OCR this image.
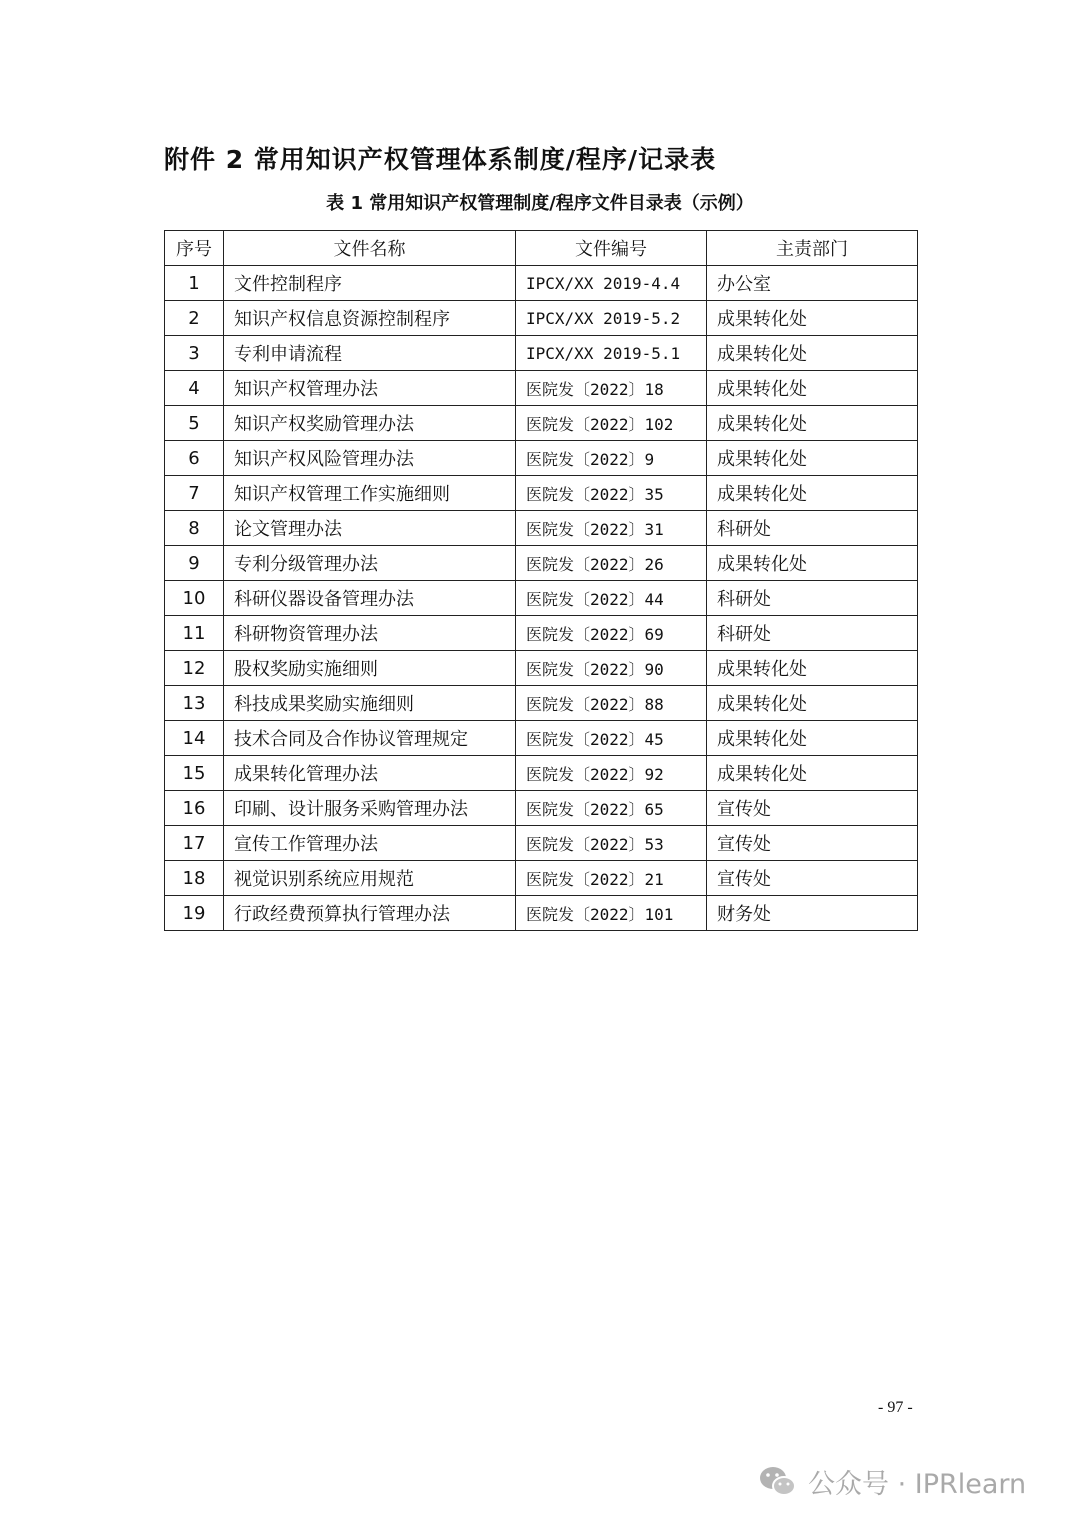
附件 2 常用知识产权管理体系制度/程序/记录表
表 1 常用知识产权管理制度/程序文件目录表（示例）
序号	文件名称	文件编号	主责部门
1	文件控制程序	IPCX/XX 2019-4.4	办公室
2	知识产权信息资源控制程序	IPCX/XX 2019-5.2	成果转化处
3	专利申请流程	IPCX/XX 2019-5.1	成果转化处
4	知识产权管理办法	医院发〔2022〕18	成果转化处
5	知识产权奖励管理办法	医院发〔2022〕102	成果转化处
6	知识产权风险管理办法	医院发〔2022〕9	成果转化处
7	知识产权管理工作实施细则	医院发〔2022〕35	成果转化处
8	论文管理办法	医院发〔2022〕31	科研处
9	专利分级管理办法	医院发〔2022〕26	成果转化处
10	科研仪器设备管理办法	医院发〔2022〕44	科研处
11	科研物资管理办法	医院发〔2022〕69	科研处
12	股权奖励实施细则	医院发〔2022〕90	成果转化处
13	科技成果奖励实施细则	医院发〔2022〕88	成果转化处
14	技术合同及合作协议管理规定	医院发〔2022〕45	成果转化处
15	成果转化管理办法	医院发〔2022〕92	成果转化处
16	印刷、设计服务采购管理办法	医院发〔2022〕65	宣传处
17	宣传工作管理办法	医院发〔2022〕53	宣传处
18	视觉识别系统应用规范	医院发〔2022〕21	宣传处
19	行政经费预算执行管理办法	医院发〔2022〕101	财务处
- 97 -
公众号 · IPRlearn
